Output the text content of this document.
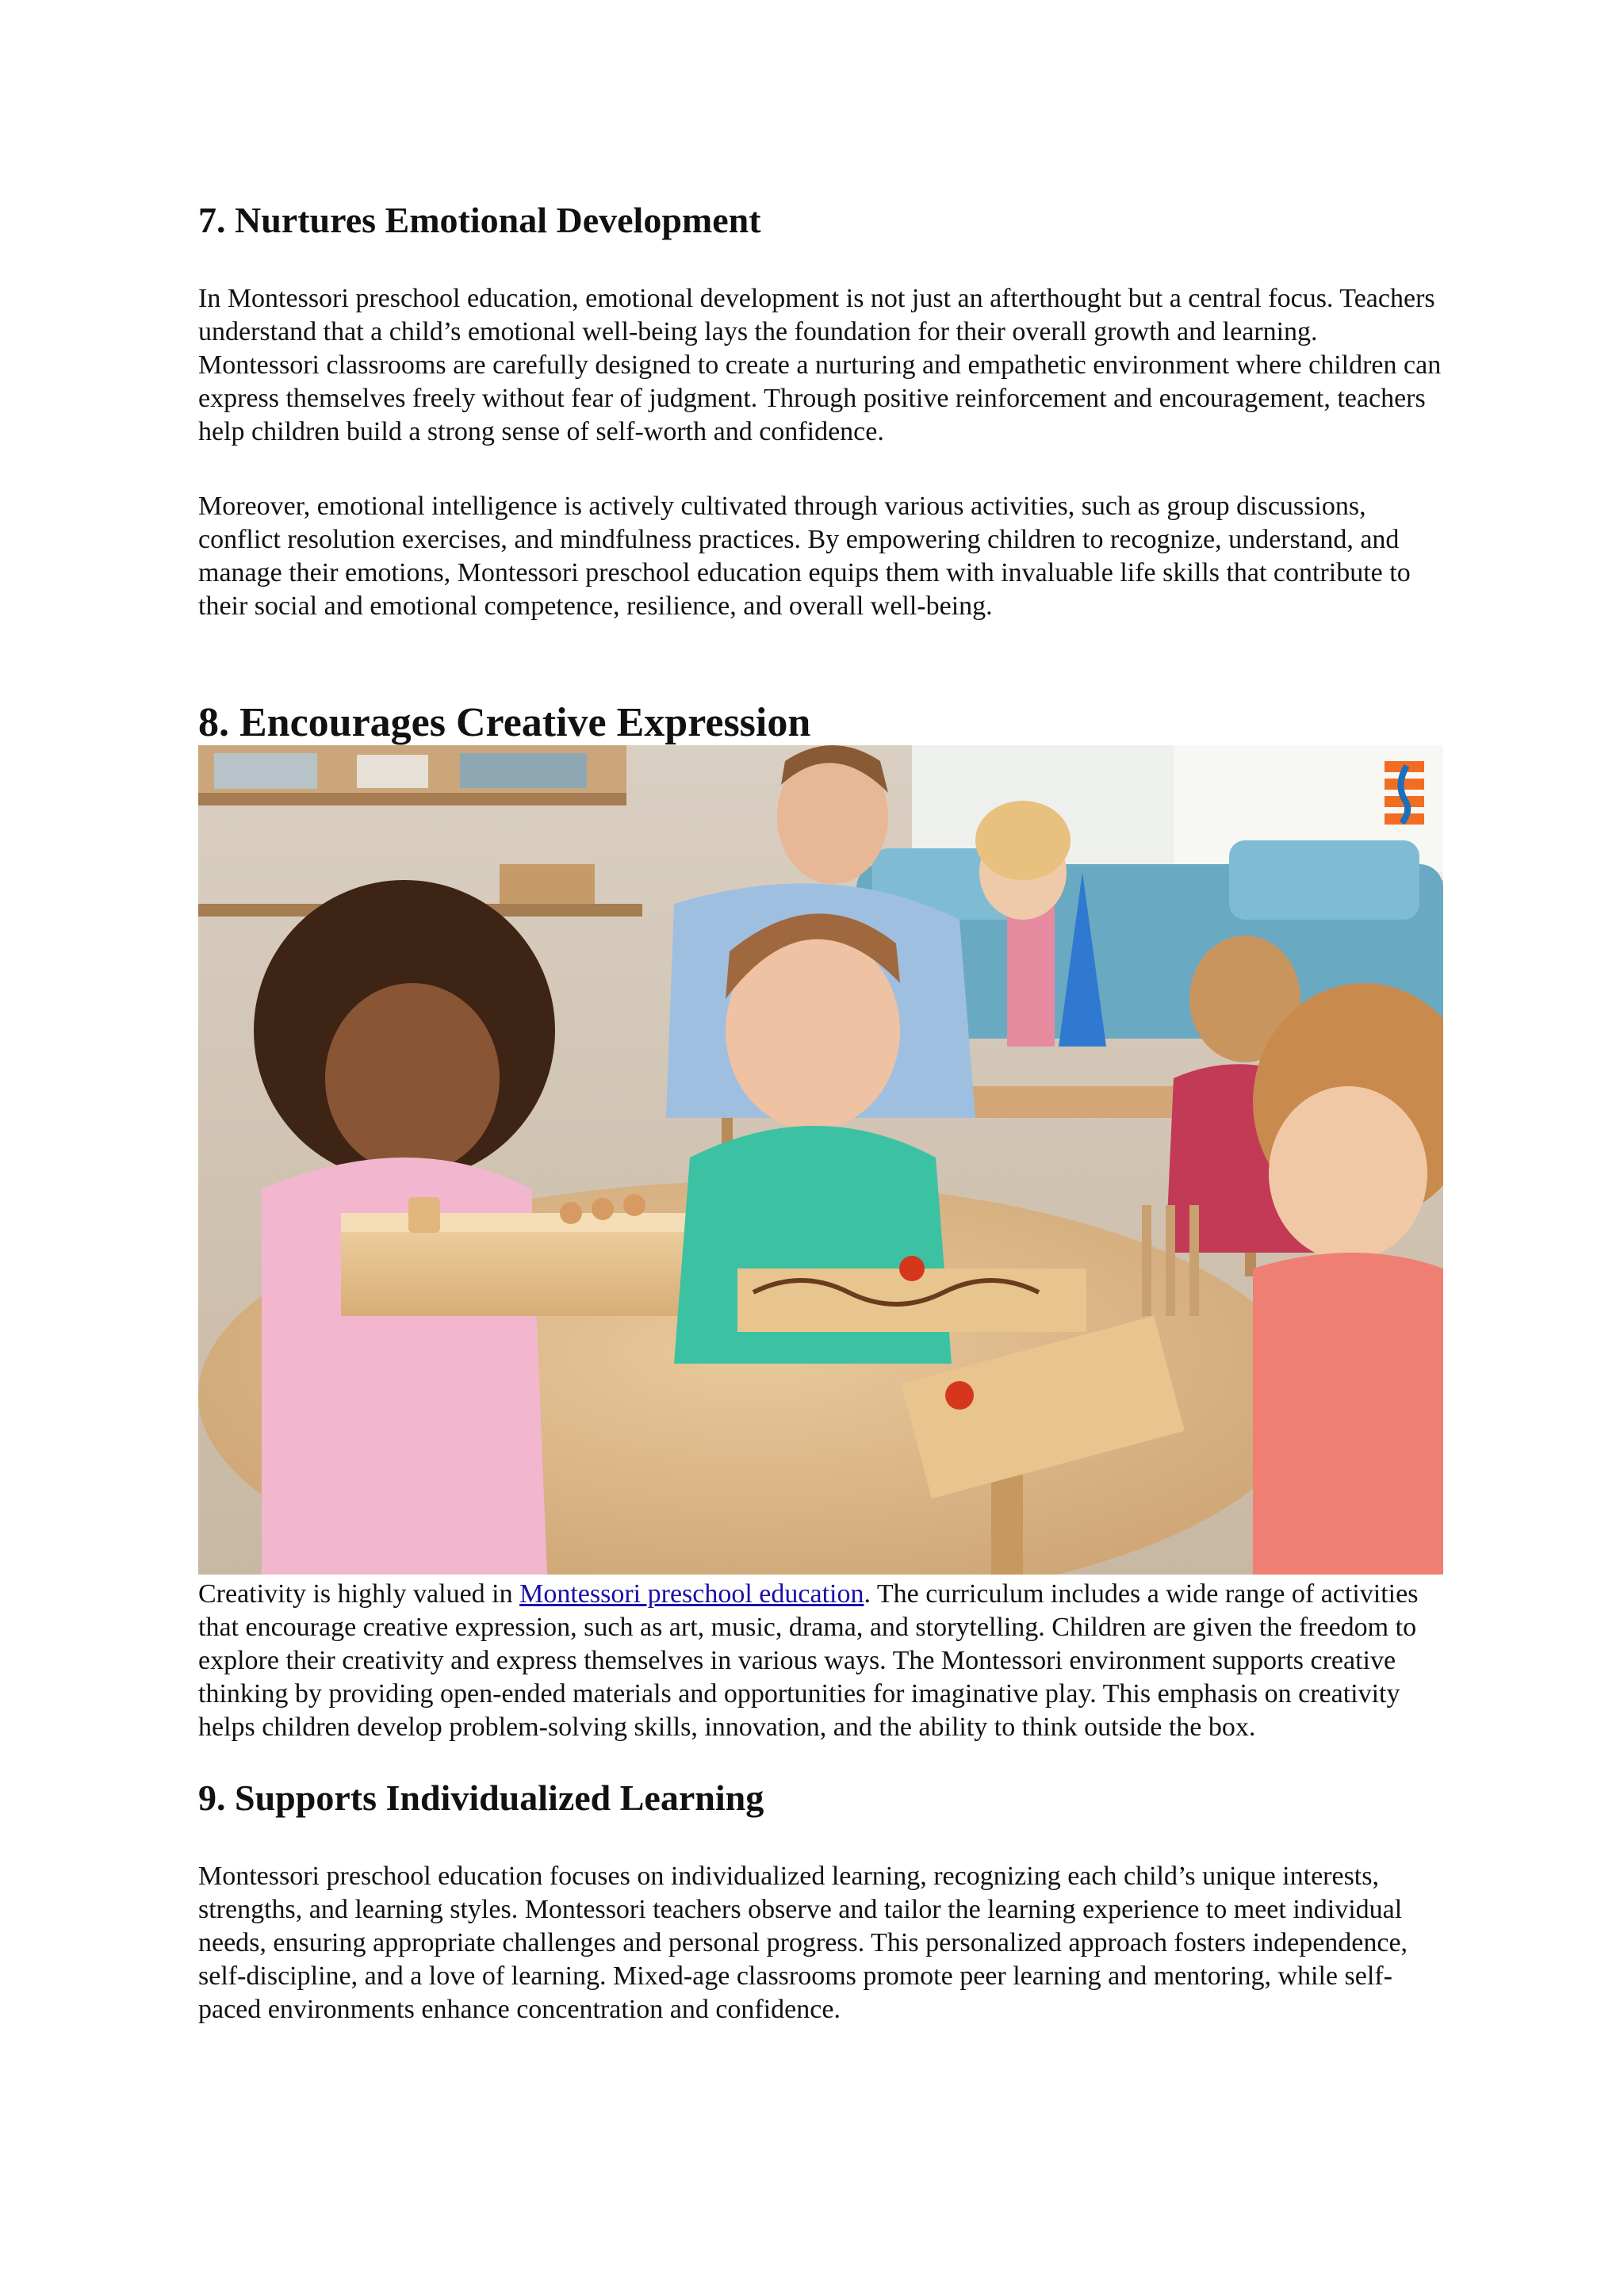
7. Nurtures Emotional Development

In Montessori preschool education, emotional development is not just an afterthought but a central focus. Teachers understand that a child’s emotional well-being lays the foundation for their overall growth and learning. Montessori classrooms are carefully designed to create a nurturing and empathetic environment where children can express themselves freely without fear of judgment. Through positive reinforcement and encouragement, teachers help children build a strong sense of self-worth and confidence.

Moreover, emotional intelligence is actively cultivated through various activities, such as group discussions, conflict resolution exercises, and mindfulness practices. By empowering children to recognize, understand, and manage their emotions, Montessori preschool education equips them with invaluable life skills that contribute to their social and emotional competence, resilience, and overall well-being.

8. Encourages Creative Expression

Creativity is highly valued in Montessori preschool education. The curriculum includes a wide range of activities that encourage creative expression, such as art, music, drama, and storytelling. Children are given the freedom to explore their creativity and express themselves in various ways. The Montessori environment supports creative thinking by providing open-ended materials and opportunities for imaginative play. This emphasis on creativity helps children develop problem-solving skills, innovation, and the ability to think outside the box.

9. Supports Individualized Learning

Montessori preschool education focuses on individualized learning, recognizing each child’s unique interests, strengths, and learning styles. Montessori teachers observe and tailor the learning experience to meet individual needs, ensuring appropriate challenges and personal progress. This personalized approach fosters independence, self-discipline, and a love of learning. Mixed-age classrooms promote peer learning and mentoring, while self-paced environments enhance concentration and confidence.
